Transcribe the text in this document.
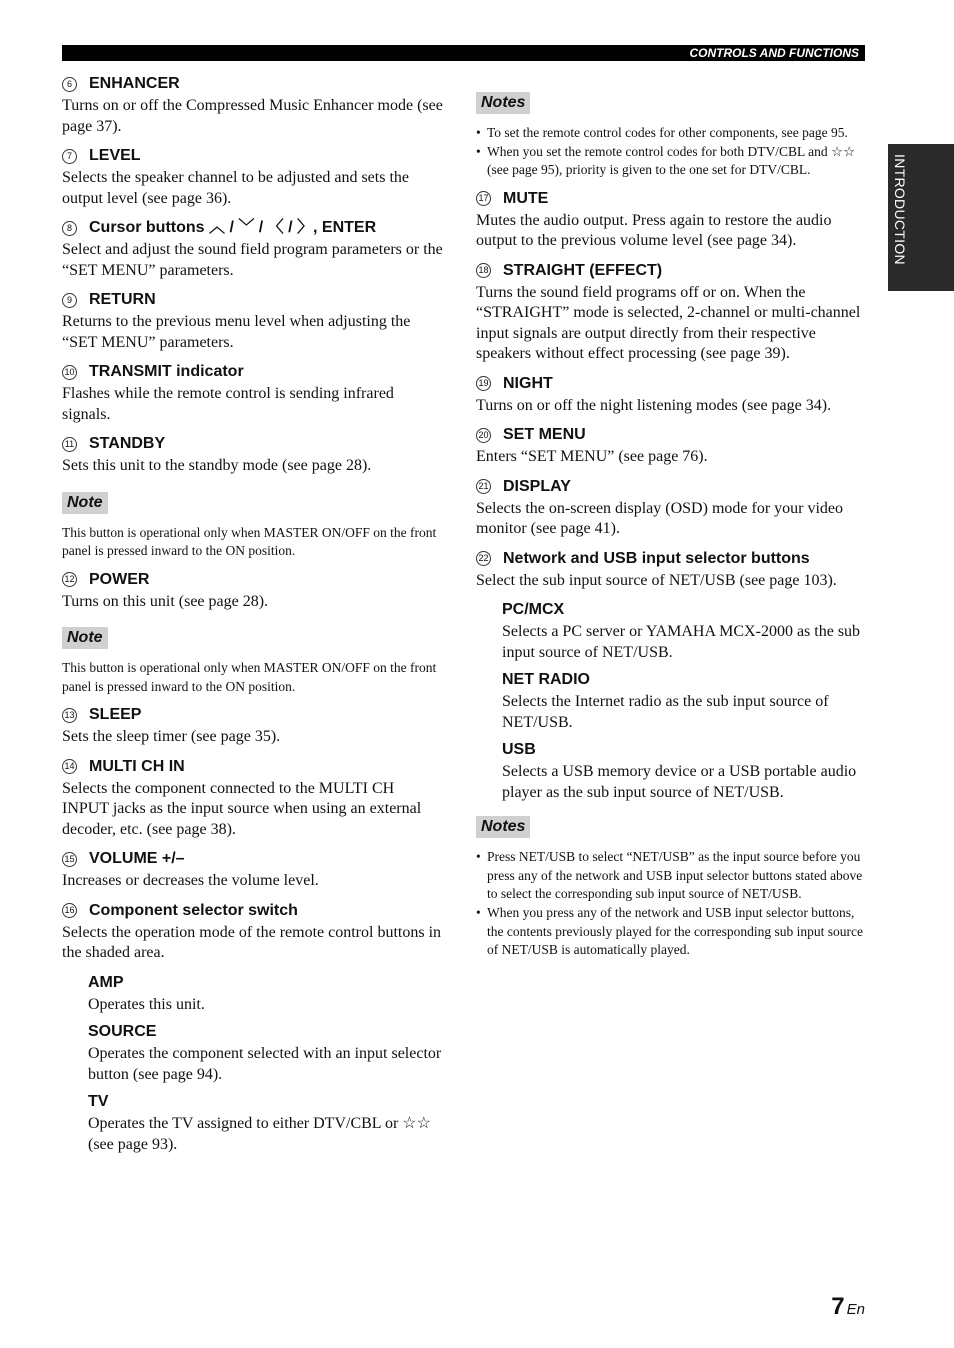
CONTROLS AND FUNCTIONS
INTRODUCTION
6	ENHANCER

Turns on or off the Compressed Music Enhancer mode (see page 37).

7	LEVEL

Selects the speaker channel to be adjusted and sets the output level (see page 36).

8	Cursor buttons ︿ / ﹀ / 〈 / 〉, ENTER

Select and adjust the sound field program parameters or the “SET MENU” parameters.

9	RETURN

Returns to the previous menu level when adjusting the “SET MENU” parameters.

10 TRANSMIT indicator

Flashes while the remote control is sending infrared signals.

11 STANDBY

Sets this unit to the standby mode (see page 28).

Note

This button is operational only when MASTER ON/OFF on the front panel is pressed inward to the ON position.

12 POWER

Turns on this unit (see page 28).

Note

This button is operational only when MASTER ON/OFF on the front panel is pressed inward to the ON position.

13 SLEEP

Sets the sleep timer (see page 35).

14 MULTI CH IN

Selects the component connected to the MULTI CH INPUT jacks as the input source when using an external decoder, etc. (see page 38).

15 VOLUME +/–

Increases or decreases the volume level.

16 Component selector switch

Selects the operation mode of the remote control buttons in the shaded area.

AMP

Operates this unit.

SOURCE

Operates the component selected with an input selector button (see page 94).

TV

Operates the TV assigned to either DTV/CBL or ☆☆ (see page 93).

Notes
• To set the remote control codes for other components, see page 95.
• When you set the remote control codes for both DTV/CBL and ☆☆ (see page 95), priority is given to the one set for DTV/CBL.
17 MUTE

Mutes the audio output. Press again to restore the audio output to the previous volume level (see page 34).

18 STRAIGHT (EFFECT)

Turns the sound field programs off or on. When the “STRAIGHT” mode is selected, 2-channel or multi-channel input signals are output directly from their respective speakers without effect processing (see page 39).

19 NIGHT

Turns on or off the night listening modes (see page 34).

20 SET MENU

Enters “SET MENU” (see page 76).

21 DISPLAY

Selects the on-screen display (OSD) mode for your video monitor (see page 41).

22 Network and USB input selector buttons

Select the sub input source of NET/USB (see page 103).

PC/MCX

Selects a PC server or YAMAHA MCX-2000 as the sub input source of NET/USB.

NET RADIO

Selects the Internet radio as the sub input source of NET/USB.

USB

Selects a USB memory device or a USB portable audio player as the sub input source of NET/USB.

Notes
• Press NET/USB to select “NET/USB” as the input source before you press any of the network and USB input selector buttons stated above to select the corresponding sub input source of NET/USB.
• When you press any of the network and USB input selector buttons, the contents previously played for the corresponding sub input source of NET/USB is automatically played.
7 En
